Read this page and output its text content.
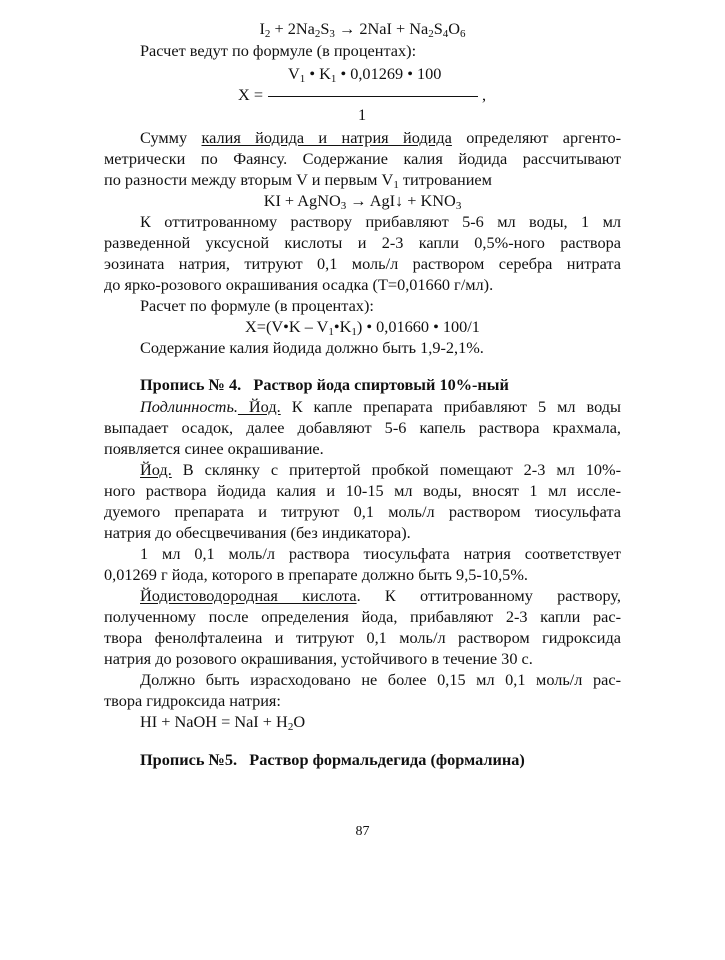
$I_2 + 2Na_2S_3 \to 2NaI + Na_2S_4O_6$
Расчет ведут по формуле (в процентах):
$V_1$ • $K_1$ • 0,01269 • 100
X =	,
1
Сумму калия йодида и натрия йодида определяют аргенто-
метрически по Фаянсу. Содержание калия йодида рассчитывают
по разности между вторым V и первым $V_1$ титрованием
KI + AgNO$_3$ → AgI↓ + $KNO_3$
К оттитрованному раствору прибавляют 5-6 мл воды, 1 мл
разведенной уксусной кислоты и 2-3 капли 0,5%-ного раствора
эозината натрия, титруют 0,1 моль/л раствором серебра нитрата
до ярко-розового окрашивания осадка (Т=0,01660 г/мл).
Расчет по формуле (в процентах):
X=(V•K – $V_1•K_1$) • 0,01660 • 100/1
Содержание калия йодида должно быть 1,9-2,1%.
Пропись № 4.   Раствор йода спиртовый 10%-ный
Подлинность. Йод. К капле препарата прибавляют 5 мл воды
выпадает осадок, далее добавляют 5-6 капель раствора крахмала,
появляется синее окрашивание.
Йод. В склянку с притертой пробкой помещают 2-3 мл 10%-
ного раствора йодида калия и 10-15 мл воды, вносят 1 мл иссле-
дуемого препарата и титруют 0,1 моль/л раствором тиосульфата
натрия до обесцвечивания (без индикатора).
1 мл 0,1 моль/л раствора тиосульфата натрия соответствует
0,01269 г йода, которого в препарате должно быть 9,5-10,5%.
Йодистоводородная кислота. К оттитрованному раствору,
полученному после определения йода, прибавляют 2-3 капли рас-
твора фенолфталеина и титруют 0,1 моль/л раствором гидроксида
натрия до розового окрашивания, устойчивого в течение 30 с.
Должно быть израсходовано не более 0,15 мл 0,1 моль/л рас-
твора гидроксида натрия:
HI + NaOH = NaI + $H_2O$
Пропись №5.   Раствор формальдегида (формалина)
87
